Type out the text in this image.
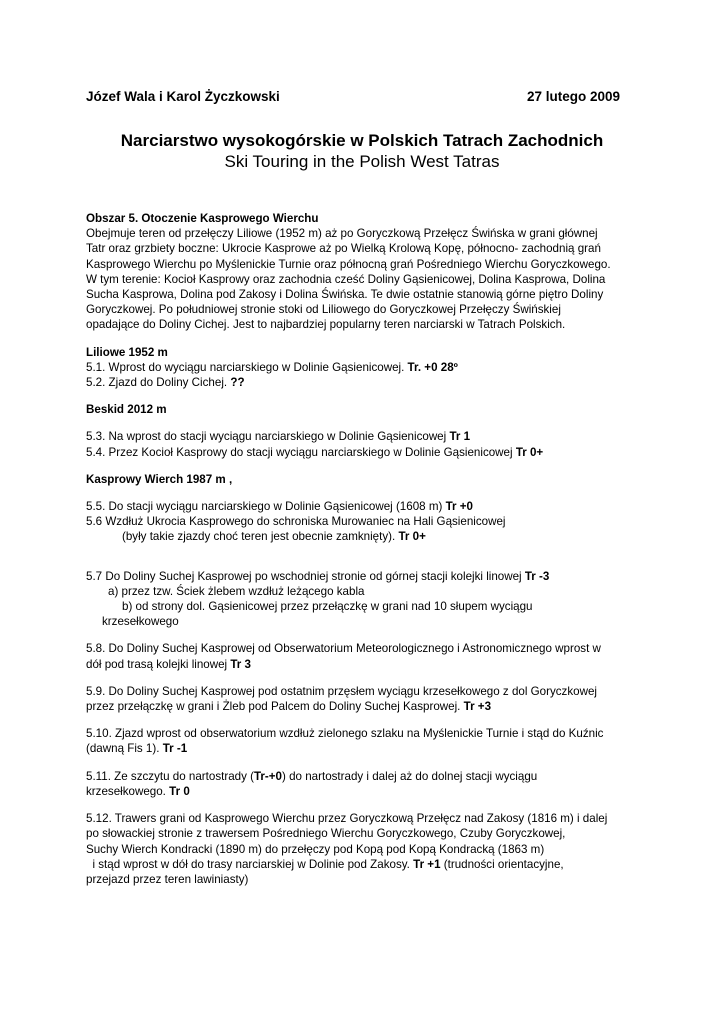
Józef Wala i Karol Życzkowski	27 lutego 2009
Narciarstwo wysokogórskie w Polskich Tatrach Zachodnich
Ski Touring in the Polish West Tatras

Obszar 5. Otoczenie Kasprowego Wierchu

Obejmuje teren od przełęczy Liliowe (1952 m) aż po Goryczkową Przełęcz Świńska w grani głównej

Tatr oraz grzbiety boczne: Ukrocie Kasprowe aż po Wielką Krolową Kopę, północno- zachodnią grań

Kasprowego Wierchu po Myślenickie Turnie oraz północną grań Pośredniego Wierchu Goryczkowego.

W tym terenie: Kocioł Kasprowy oraz zachodnia cześć Doliny Gąsienicowej, Dolina Kasprowa, Dolina

Sucha Kasprowa, Dolina pod Zakosy i Dolina Świńska. Te dwie ostatnie stanowią górne piętro Doliny

Goryczkowej. Po południowej stronie stoki od Liliowego do Goryczkowej Przełęczy Świńskiej

opadające do Doliny Cichej. Jest to najbardziej popularny teren narciarski w Tatrach Polskich.

Liliowe 1952 m

5.1. Wprost do wyciągu narciarskiego w Dolinie Gąsienicowej. Tr. +0 28º

5.2. Zjazd do Doliny Cichej. ??

Beskid 2012 m

5.3. Na wprost do stacji wyciągu narciarskiego w Dolinie Gąsienicowej Tr 1

5.4. Przez Kocioł Kasprowy do stacji wyciągu narciarskiego w Dolinie Gąsienicowej Tr 0+

Kasprowy Wierch 1987 m ,

5.5. Do stacji wyciągu narciarskiego w Dolinie Gąsienicowej (1608 m) Tr +0

5.6 Wzdłuż Ukrocia Kasprowego do schroniska Murowaniec na Hali Gąsienicowej

(były takie zjazdy choć teren jest obecnie zamknięty). Tr 0+

5.7 Do Doliny Suchej Kasprowej po wschodniej stronie od górnej stacji kolejki linowej Tr -3

a) przez tzw. Ściek żlebem wzdłuż leżącego kabla

b) od strony dol. Gąsienicowej przez przełączkę w grani nad 10 słupem wyciągu

krzesełkowego

5.8. Do Doliny Suchej Kasprowej od Obserwatorium Meteorologicznego i Astronomicznego wprost w

dół pod trasą kolejki linowej Tr 3

5.9. Do Doliny Suchej Kasprowej pod ostatnim przęsłem wyciągu krzesełkowego z dol Goryczkowej

przez przełączkę w grani i Żleb pod Palcem do Doliny Suchej Kasprowej. Tr +3

5.10. Zjazd wprost od obserwatorium wzdłuż zielonego szlaku na Myślenickie Turnie i stąd do Kuźnic

(dawną Fis 1). Tr -1

5.11. Ze szczytu do nartostrady (Tr-+0) do nartostrady i dalej aż do dolnej stacji wyciągu

krzesełkowego. Tr 0

5.12. Trawers grani od Kasprowego Wierchu przez Goryczkową Przełęcz nad Zakosy (1816 m) i dalej

po słowackiej stronie z trawersem Pośredniego Wierchu Goryczkowego, Czuby Goryczkowej,

Suchy Wierch Kondracki (1890 m) do przełęczy pod Kopą pod Kopą Kondracką (1863 m)

i stąd wprost w dół do trasy narciarskiej w Dolinie pod Zakosy. Tr +1 (trudności orientacyjne,

przejazd przez teren lawiniasty)
